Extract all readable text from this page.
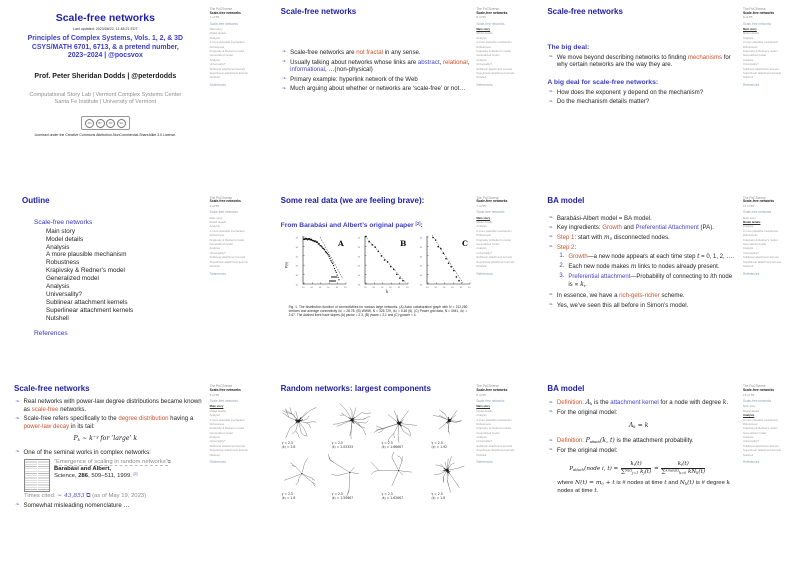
Scale-free networks
Last updated: 2023/08/22, 11:48:21 EDT
Principles of Complex Systems, Vols. 1, 2, & 3D
CSYS/MATH 6701, 6713, & a pretend number,
2023–2024 | @pocsvox
Prof. Peter Sheridan Dodds | @peterdodds
Computational Story Lab | Vermont Complex Systems Center
Santa Fe Institute | University of Vermont
CC	BY	NC	SA
Licensed under the Creative Commons Attribution-NonCommercial-ShareAlike 3.0 License.
The PoCSverse
Scale-free networks
1 of 55
Scale-free networks
Main story
Model details
Analysis
A more plausible mechanism
Robustness
Krapivsky & Redner's model
Generalized model
Analysis
Universality?
Sublinear attachment kernels
Superlinear attachment kernels
Nutshell
References
Scale-free networks
❧ Scale-free networks are not fractal in any sense.
❧ Usually talking about networks whose links are abstract, relational, informational, …(non-physical)
❧ Primary example: hyperlink network of the Web
❧ Much arguing about whether or networks are ‘scale-free’ or not…
The PoCSverse
Scale-free networks
6 of 55
Scale-free networks
Main story
Model details
Analysis
A more plausible mechanism
Robustness
Krapivsky & Redner's model
Generalized model
Analysis
Universality?
Sublinear attachment kernels
Superlinear attachment kernels
Nutshell
References
Scale-free networks
The big deal:
❧ We move beyond describing networks to finding mechanisms for why certain networks are the way they are.
A big deal for scale-free networks:
❧ How does the exponent γ depend on the mechanism?
❧ Do the mechanism details matter?
The PoCSverse
Scale-free networks
9 of 55
Scale-free networks
Main story
Model details
Analysis
A more plausible mechanism
Robustness
Krapivsky & Redner's model
Generalized model
Analysis
Universality?
Sublinear attachment kernels
Superlinear attachment kernels
Nutshell
References
Outline
Scale-free networks
Main story
Model details
Analysis
A more plausible mechanism
Robustness
Krapivsky & Redner's model
Generalized model
Analysis
Universality?
Sublinear attachment kernels
Superlinear attachment kernels
Nutshell
References
The PoCSverse
Scale-free networks
2 of 55
Scale-free networks
Main story
Model details
Analysis
A more plausible mechanism
Robustness
Krapivsky & Redner's model
Generalized model
Analysis
Universality?
Sublinear attachment kernels
Superlinear attachment kernels
Nutshell
References
Some real data (we are feeling brave):
From Barabási and Albert’s original paper [2]:
10
10
10
10
10
10
10
10
10
10
10
10
A
10
10
10
10
10
10
10
10
10
10
10
10
B
10
10
10
10
10
10
10
10
10
10
10
10
C
P(k)
k
Fig. 1. The distribution function of connectivities for various large networks. (A) Actor collaboration graph with N = 212,250 vertices and average connectivity ⟨k⟩ = 28.78. (B) WWW, N = 325,729, ⟨k⟩ = 5.46 (6). (C) Power grid data, N = 4941, ⟨k⟩ = 2.67. The dashed lines have slopes (A) γactor = 2.3, (B) γwww = 2.1 and (C) γpower = 4.
The PoCSverse
Scale-free networks
7 of 55
Scale-free networks
Main story
Model details
Analysis
A more plausible mechanism
Robustness
Krapivsky & Redner's model
Generalized model
Analysis
Universality?
Sublinear attachment kernels
Superlinear attachment kernels
Nutshell
References
BA model
❧ Barabási-Albert model = BA model.
❧ Key ingredients: Growth and Preferential Attachment (PA).
❧ Step 1: start with $m_0$ disconnected nodes.
❧ Step 2:
1. Growth—a new node appears at each time step t = 0, 1, 2, ….
2. Each new node makes m links to nodes already present.
3. Preferential attachment—Probability of connecting to ith node is ∝ $k_i$.
❧ In essence, we have a rich-gets-richer scheme.
❧ Yes, we’ve seen this all before in Simon’s model.
The PoCSverse
Scale-free networks
11 of 55
Scale-free networks
Main story
Model details
Analysis
A more plausible mechanism
Robustness
Krapivsky & Redner's model
Generalized model
Analysis
Universality?
Sublinear attachment kernels
Superlinear attachment kernels
Nutshell
References
Scale-free networks
❧ Real networks with power-law degree distributions became known as scale-free networks.
❧ Scale-free refers specifically to the degree distribution having a power-law decay in its tail:
$P_k$ ∼ $k^{-\gamma}$ for ‘large’ k
❧ One of the seminal works in complex networks:
“Emergence of scaling in random networks”⧉
Barabási and Albert,
Science, 286, 509–511, 1999. [2]
Times cited: ∼ 43,853 ⧉ (as of May 19, 2023)
❧ Somewhat misleading nomenclature …
The PoCSverse
Scale-free networks
5 of 55
Scale-free networks
Main story
Model details
Analysis
A more plausible mechanism
Robustness
Krapivsky & Redner's model
Generalized model
Analysis
Universality?
Sublinear attachment kernels
Superlinear attachment kernels
Nutshell
References
Random networks: largest components
γ = 2.5
⟨k⟩ = 1.8
γ = 2.5
⟨k⟩ = 2.05333
γ = 2.5
⟨k⟩ = 1.66667
γ = 2.5
⟨k⟩ = 1.92
γ = 2.5
⟨k⟩ = 1.6
γ = 2.5
⟨k⟩ = 1.50667
γ = 2.5
⟨k⟩ = 1.62667
γ = 2.5
⟨k⟩ = 1.8
The PoCSverse
Scale-free networks
8 of 55
Scale-free networks
Main story
Model details
Analysis
A more plausible mechanism
Robustness
Krapivsky & Redner's model
Generalized model
Analysis
Universality?
Sublinear attachment kernels
Superlinear attachment kernels
Nutshell
References
BA model
❧ Definition: $A_k$ is the attachment kernel for a node with degree k.
❧ For the original model:
$A_k = k$
❧ Definition: $P_{attach}(k$, t) is the attachment probability.
❧ For the original model:
$P_{attach}(node$ i, $t) = \frac{k_i(t)}{\sum^{N(t)}_{j=1} k_j(t)} = \frac{k_i(t)}{\sum^{kmax(t)}_{k=0} kN_k(t)}$
where $N(t) = m_0 + t$ is # nodes at time t and $N_k(t)$ is # degree k nodes at time t.
The PoCSverse
Scale-free networks
13 of 55
Scale-free networks
Main story
Model details
Analysis
A more plausible mechanism
Robustness
Krapivsky & Redner's model
Generalized model
Analysis
Universality?
Sublinear attachment kernels
Superlinear attachment kernels
Nutshell
References
